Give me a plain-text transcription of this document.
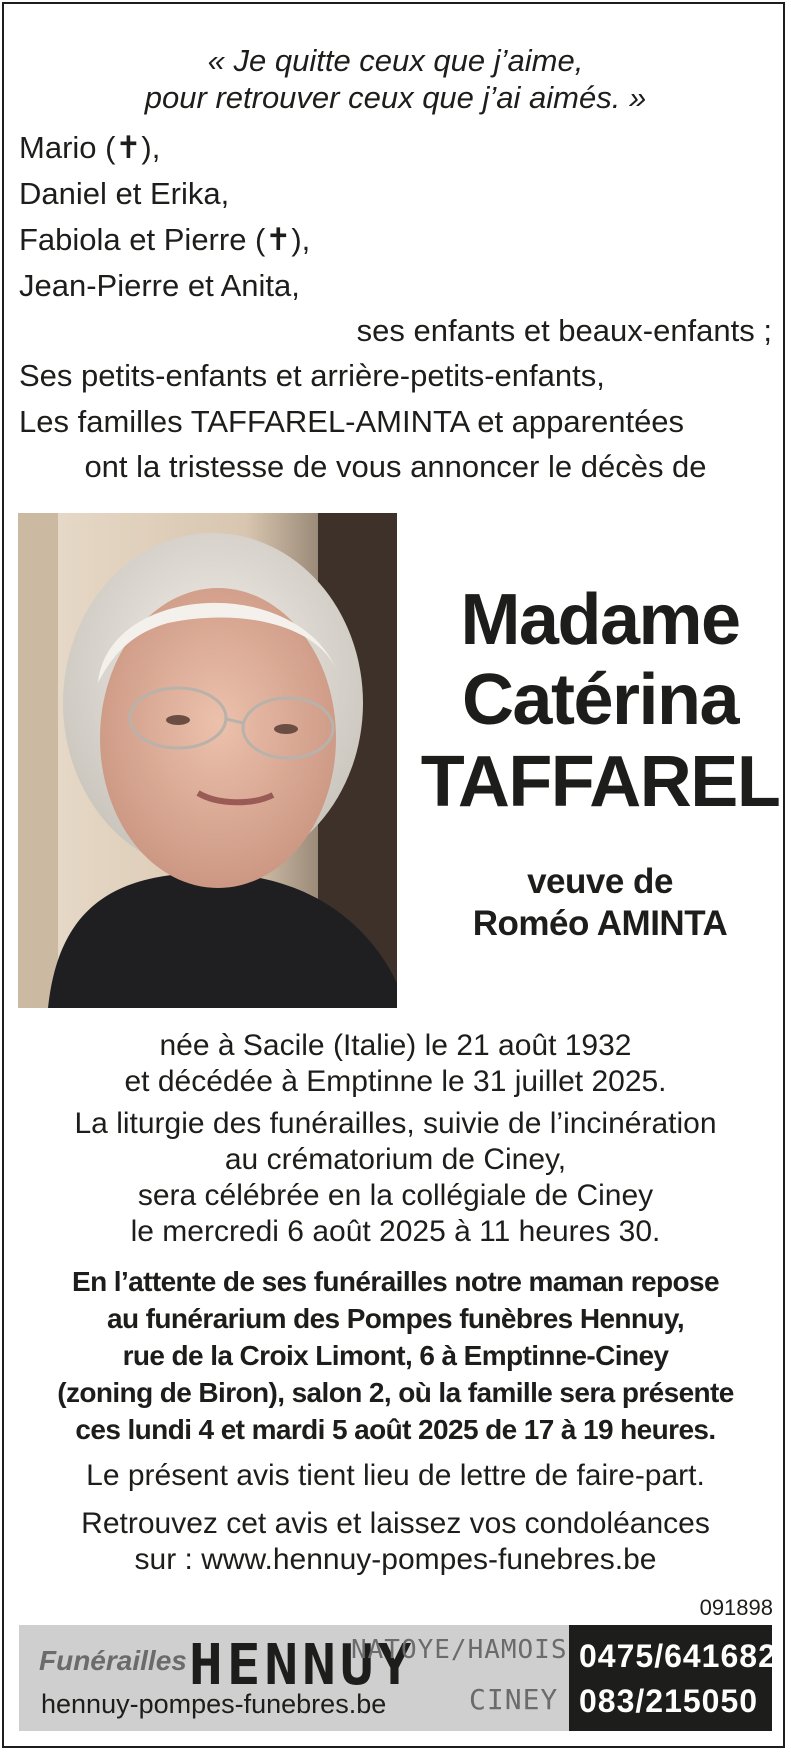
« Je quitte ceux que j’aime,
pour retrouver ceux que j’ai aimés. »
Mario (✝),
Daniel et Erika,
Fabiola et Pierre (✝),
Jean-Pierre et Anita,
ses enfants et beaux-enfants ;
Ses petits-enfants et arrière-petits-enfants,
Les familles TAFFAREL-AMINTA et apparentées
ont la tristesse de vous annoncer le décès de
Madame
Catérina
TAFFAREL
veuve de
Roméo AMINTA
née à Sacile (Italie) le 21 août 1932
et décédée à Emptinne le 31 juillet 2025.
La liturgie des funérailles, suivie de l’incinération
au crématorium de Ciney,
sera célébrée en la collégiale de Ciney
le mercredi 6 août 2025 à 11 heures 30.
En l’attente de ses funérailles notre maman repose
au funérarium des Pompes funèbres Hennuy,
rue de la Croix Limont, 6 à Emptinne-Ciney
(zoning de Biron), salon 2, où la famille sera présente
ces lundi 4 et mardi 5 août 2025 de 17 à 19 heures.
Le présent avis tient lieu de lettre de faire-part.
Retrouvez cet avis et laissez vos condoléances
sur : www.hennuy-pompes-funebres.be
091898
Funérailles HENNUY
NATOYE/HAMOIS
CINEY
hennuy-pompes-funebres.be
0475/641682
083/215050
